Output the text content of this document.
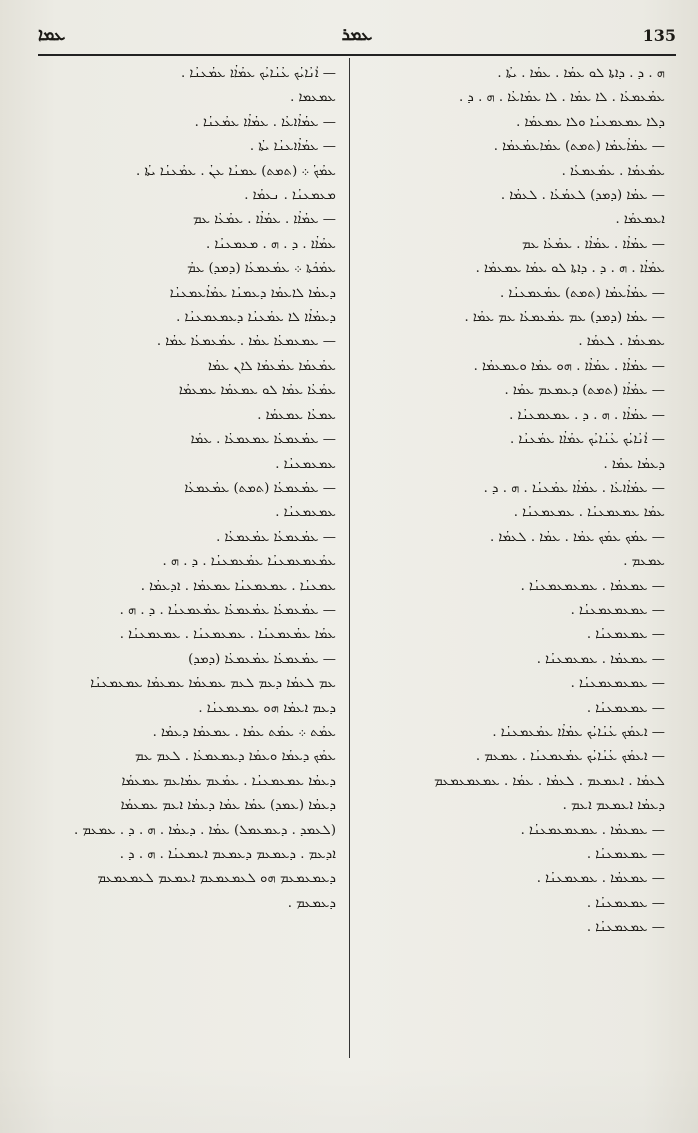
ܥܡܐ	ܥܡܪ	135
— ܐܳܢܳܐܝܳܟ ܥܳܢܳܐܝܳܟ ܥܡܳܐܳܐ ܥܡܳܥܢܳܐ .
ܥܡܥܡܐ .
— ܥܡܳܐܳܐܥܳܐ . ܥܡܳܐܳܐ ܥܡܳܥܢܳܐ .
— ܥܡܳܐܳܐܥܢܳܐ ܝܬܳܐ .
ܥܡܳܟܳ ܀ (ܬܡܬ) ܥܡܢܳܐ ܥܢܳ . ܥܡܳܥܢܳܐ ܝܬܳܐ .
ܡܥܡܥܢܳܐ . ܢܥܡܳܐ .
— ܥܡܳܐܳܐ . ܥܡܳܐܳܐ . ܥܡܳܥܳܐ ܥܡ
ܥܡܳܐܳܐ . ܕ . ܗ . ܡܥܡܥܢܳܐ .
ܥܡܳܟܳܬܐ ܀ ܥܡܳܥܡܥܳܐ (ܕܡܕ) ܥܡܳ
ܕܥܡܳܐ ܠܐܥܡܳܐ ܕܥܡܢܳܐ ܥܡܳܐܳܥܡܥܢܳܐ
ܕܥܡܳܐܳܐ ܠܐ ܥܡܳܥܢܳܐ ܕܥܡܥܡܥܢܳܐ .
— ܥܡܥܡܥܳܐ ܥܡܳܐ . ܥܡܳܥܡܥܳܐ ܥܡܳܐ .
ܥܡܳܥܡܳܐ ܥܡܳܥܡܳܐ ܠܐܢ ܥܡܳܐ
ܥܡܳܥܳܐ ܥܡܳܐ ܠܘ ܥܡܥܡܳܐ ܥܡܥܡܳܐ
ܥܡܥܳܐ ܥܡܥܡܳܐ .
— ܥܡܳܥܡܥܳܐ ܥܡܥܡܥܳܐ . ܥܡܳܐ
ܥܡܥܡܥܢܳܐ .
— ܥܡܳܥܡܥܳܐ (ܬܡܬ) ܥܡܳܥܡܥܳܐ
ܥܡܥܡܥܢܳܐ .
— ܥܡܳܥܡܥܳܐ ܥܡܳܥܡܥܳܐ .
ܥܡܳܥܡܥܡܥܢܳܐ ܥܡܳܥܡܥܢܳܐ . ܕ . ܗ .
ܥܡܥܢܳܐ . ܥܡܥܡܥܢܳܐ ܥܡܥܡܳܐ . ܐܕܥܡܳܐ .
— ܥܡܳܥܡܥܳܐ ܥܡܳܥܡܥܳܐ ܥܡܳܥܡܥܢܳܐ . ܕ . ܗ .
ܥܡܳܐ ܥܡܳܥܡܥܢܳܐ . ܥܡܥܡܥܢܳܐ . ܥܡܥܡܥܢܳܐ .
— ܥܡܳܥܡܥܳܐ ܥܡܳܥܡܥܳܐ (ܕܡܕ)
ܥܡ ܠܥܡܳܐ ܕܥܡ ܠܥܡ ܥܡܥܡܳܐ ܥܡܥܡܳܐ ܥܡܥܡܥܢܳܐ
ܕܥܡ ܐܥܡܳܐ ܗܘ ܥܡܥܡܥܢܳܐ .
ܥܡܳܬ ܀ ܥܡܳܬ ܥܡܳܐ . ܥܡܥܡܳܐ ܕܥܡܳܐ .
ܥܡܳܟ ܕܥܡܳܐ ܘܥܡܳܐ ܕܥܡܥܡܥܳܐ . ܠܥܡ ܥܡ
ܕܥܡܳܐ ܥܡܥܡܥܢܳܐ . ܥܡܳܥܡ ܥܡܳܐܥܡ ܥܡܥܡܳܐ
ܕܥܡܳܐ (ܥܡܕ) ܥܡܳܐ ܥܡܳܐ ܕܥܡܳܐ ܐܥܡ ܥܡܥܡܳܐ
(ܠܥܡܕ . ܕܥܡܥܡܠ) ܥܡܳܐ . ܕܥܡܳܐ . ܗ . ܕ . ܥܡܥܡ .
ܐܕܥܡ . ܕܥܡܥܡ ܕܥܡܥܡ ܐܥܡܥܢܳܐ . ܗ . ܕ .
ܕܥܡܥܡܥܡ ܗܘ ܠܥܡܥܡܥܡ ܐܥܡܥܡ ܠܥܡܥܡܥܡ
ܕܥܡܥܡ .
ܗ . ܕ . ܕܐܬܐ ܠܘ ܥܡܳܐ . ܥܡܳܐ . ܝܬܳܐ .
ܥܡܳܥܡܥܳܐ . ܠܐ ܥܡܳܐ . ܠܐ ܥܡܳܐܥܳܐ . ܗ . ܕ .
ܕܠܐ ܥܡܥܡܥܢܳܐ ܘܠܐ ܥܡܥܡܳܐ .
— ܥܡܳܐܳܥܡܳܐ (ܬܡܬ) ܥܡܳܐܥܡܳܥܡܳܐ .
ܥܡܳܥܡܳܐ . ܥܡܳܥܡܥܳܐ .
— ܥܡܳܐ (ܕܡܕ) ܠܥܡܳܥܳܐ . ܠܥܡܳܐ .
ܐܥܡܥܡܳܐ .
— ܥܡܳܐܳܐ . ܥܡܳܐܳܐ . ܥܡܳܥܳܐ ܥܡ
ܥܡܳܐܳܐ . ܗ . ܕ . ܕܐܬܐ ܠܘ ܥܡܳܐ ܥܡܥܡܳܐ .
— ܥܡܳܐܳܥܡܳܐ (ܬܡܬ) ܥܡܳܥܡܥܢܳܐ .
— ܥܡܳܐ (ܕܡܕ) ܥܡ ܥܡܳܥܡܥܳܐ ܥܡ ܥܡܳܐ .
ܥܡܥܡܳܐ . ܠܥܡܳܐ .
— ܥܡܳܐܳܐ . ܥܡܳܐܳܐ . ܗܘ ܥܡܳܐ ܘܥܡܥܡܳܐ .
— ܥܡܳܐܳܐ (ܬܡܬ) ܕܥܡܥܡ ܥܡܳܐ .
— ܥܡܳܐܳܐ . ܗ . ܕ . ܥܡܥܡܥܢܳܐ .
— ܐܳܢܳܐܝܳܟ ܥܳܢܳܐܝܳܟ ܥܡܳܐܳܐ ܥܡܳܥܢܳܐ .
ܕܥܡܳܐ ܥܡܳܐ .
— ܥܡܳܐܳܐܥܳܐ . ܥܡܳܐܳܐ ܥܡܳܥܢܳܐ . ܗ . ܕ .
ܥܡܳܐ ܥܡܥܡܥܢܳܐ . ܥܡܥܡܥܢܳܐ .
— ܥܡܳܟ ܥܡܳܟ ܥܡܳܐ . ܥܡܳܐ . ܠܥܡܳܐ .
ܥܡܥܡ .
— ܥܡܥܡܳܐ . ܥܡܥܡܥܡܥܢܳܐ .
— ܥܡܥܡܥܡܥܢܳܐ .
— ܥܡܥܡܥܢܳܐ .
— ܥܡܥܡܳܐ . ܥܡܥܡܥܢܳܐ .
— ܥܡܥܡܥܡܥܢܳܐ .
— ܥܡܥܡܥܢܳܐ .
— ܐܥܡܳܟ ܥܳܢܳܐܝܳܟ ܥܡܳܐܳܐ ܥܡܳܥܡܥܢܳܐ .
— ܐܥܡܳܟ ܥܳܢܳܐܝܳܟ ܥܡܳܥܡܥܢܳܐ . ܥܡܥܡ .
ܠܥܡܳܐ . ܐܥܡܥܡ . ܠܥܡܳܐ . ܥܡܳܐ . ܥܡܥܡܥܡܥܡ
ܕܥܡܳܐ ܐܥܡܥܡ ܐܥܡ .
— ܥܡܥܡܳܐ . ܥܡܥܡܥܡܥܢܳܐ .
— ܥܡܥܡܥܢܳܐ .
— ܥܡܥܡܳܐ . ܥܡܥܡܥܢܳܐ .
— ܥܡܥܡܥܢܳܐ .
— ܥܡܥܡܥܢܳܐ .
